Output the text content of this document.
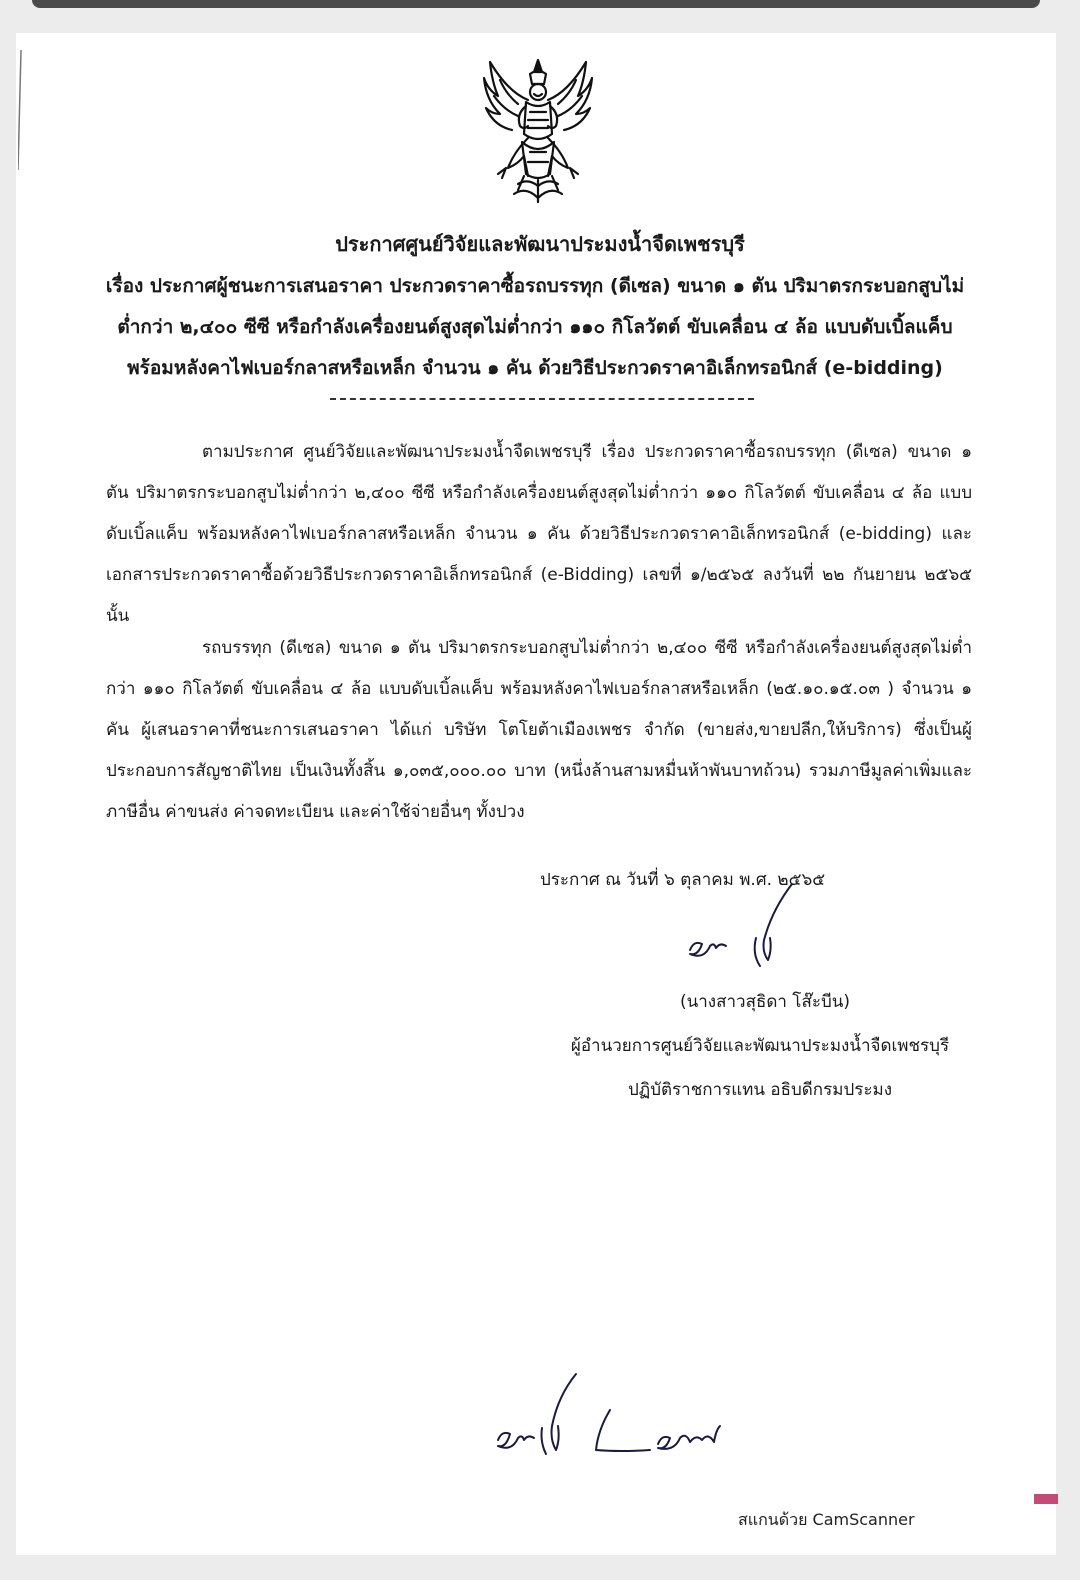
ประกาศศูนย์วิจัยและพัฒนาประมงน้ำจืดเพชรบุรี
เรื่อง ประกาศผู้ชนะการเสนอราคา ประกวดราคาซื้อรถบรรทุก (ดีเซล) ขนาด ๑ ตัน ปริมาตรกระบอกสูบไม่ต่ำกว่า ๒,๔๐๐ ซีซี หรือกำลังเครื่องยนต์สูงสุดไม่ต่ำกว่า ๑๑๐ กิโลวัตต์ ขับเคลื่อน ๔ ล้อ แบบดับเบิ้ลแค็บ พร้อมหลังคาไฟเบอร์กลาสหรือเหล็ก จำนวน ๑ คัน ด้วยวิธีประกวดราคาอิเล็กทรอนิกส์ (e-bidding)
ตามประกาศ ศูนย์วิจัยและพัฒนาประมงน้ำจืดเพชรบุรี เรื่อง ประกวดราคาซื้อรถบรรทุก (ดีเซล) ขนาด ๑ ตัน ปริมาตรกระบอกสูบไม่ต่ำกว่า ๒,๔๐๐ ซีซี หรือกำลังเครื่องยนต์สูงสุดไม่ต่ำกว่า ๑๑๐ กิโลวัตต์ ขับเคลื่อน ๔ ล้อ แบบดับเบิ้ลแค็บ พร้อมหลังคาไฟเบอร์กลาสหรือเหล็ก จำนวน ๑ คัน ด้วยวิธีประกวดราคาอิเล็กทรอนิกส์ (e-bidding) และเอกสารประกวดราคาซื้อด้วยวิธีประกวดราคาอิเล็กทรอนิกส์ (e-Bidding) เลขที่ ๑/๒๕๖๕ ลงวันที่ ๒๒ กันยายน ๒๕๖๕ นั้น
รถบรรทุก (ดีเซล) ขนาด ๑ ตัน ปริมาตรกระบอกสูบไม่ต่ำกว่า ๒,๔๐๐ ซีซี หรือกำลังเครื่องยนต์สูงสุดไม่ต่ำกว่า ๑๑๐ กิโลวัตต์ ขับเคลื่อน ๔ ล้อ แบบดับเบิ้ลแค็บ พร้อมหลังคาไฟเบอร์กลาสหรือเหล็ก (๒๕.๑๐.๑๕.๐๓ ) จำนวน ๑ คัน ผู้เสนอราคาที่ชนะการเสนอราคา ได้แก่ บริษัท โตโยต้าเมืองเพชร จำกัด (ขายส่ง,ขายปลีก,ให้บริการ) ซึ่งเป็นผู้ประกอบการสัญชาติไทย เป็นเงินทั้งสิ้น ๑,๐๓๕,๐๐๐.๐๐ บาท (หนึ่งล้านสามหมื่นห้าพันบาทถ้วน) รวมภาษีมูลค่าเพิ่มและภาษีอื่น ค่าขนส่ง ค่าจดทะเบียน และค่าใช้จ่ายอื่นๆ ทั้งปวง
ประกาศ ณ วันที่ ๖ ตุลาคม พ.ศ. ๒๕๖๕
(นางสาวสุธิดา โส๊ะบีน)
ผู้อำนวยการศูนย์วิจัยและพัฒนาประมงน้ำจืดเพชรบุรี
ปฏิบัติราชการแทน อธิบดีกรมประมง
สแกนด้วย CamScanner
